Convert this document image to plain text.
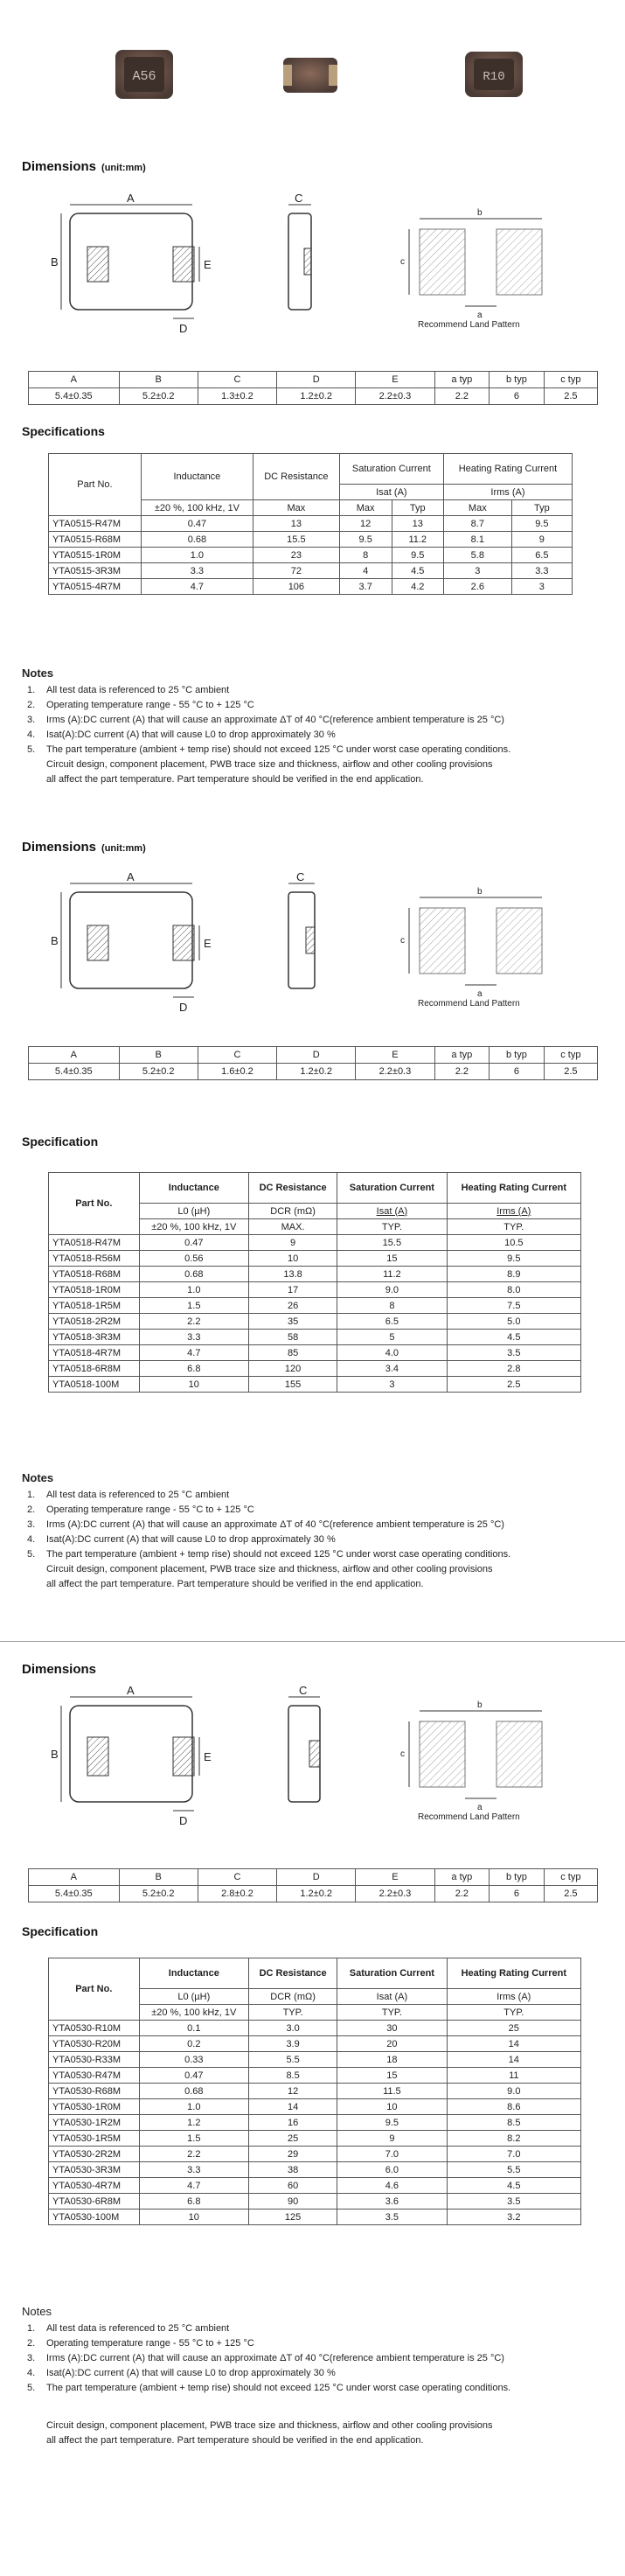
A56	R10
Dimensions (unit:mm)
A
B	E
D
C
b
c
a
Recommend Land Pattern
A	B	C	D	E	a typ	b typ	c typ
5.4±0.35	5.2±0.2	1.3±0.2	1.2±0.2	2.2±0.3	2.2	6	2.5
Specifications
Part No.	Inductance	DC Resistance	Saturation Current		Heating Rating Current	
			Isat (A)		Irms (A)	
	±20 %, 100 kHz, 1V	Max	Max	Typ	Max	Typ
YTA0515-R47M	0.47	13	12	13	8.7	9.5
YTA0515-R68M	0.68	15.5	9.5	11.2	8.1	9
YTA0515-1R0M	1.0	23	8	9.5	5.8	6.5
YTA0515-3R3M	3.3	72	4	4.5	3	3.3
YTA0515-4R7M	4.7	106	3.7	4.2	2.6	3
Notes
1. All test data is referenced to 25 °C ambient
2. Operating temperature range - 55 °C to + 125 °C
3. Irms (A):DC current (A) that will cause an approximate ΔT of 40 °C(reference ambient temperature is 25 °C)
4. Isat(A):DC current (A) that will cause L0 to drop approximately 30 %
5. The part temperature (ambient + temp rise) should not exceed 125 °C under worst case operating conditions.
Circuit design, component placement, PWB trace size and thickness, airflow and other cooling provisions
all affect the part temperature. Part temperature should be verified in the end application.
Dimensions (unit:mm)
A
B	E
D
C
b
c
a
Recommend Land Pattern
A	B	C	D	E	a typ	b typ	c typ
5.4±0.35	5.2±0.2	1.6±0.2	1.2±0.2	2.2±0.3	2.2	6	2.5
Specification
Part No.	Inductance	DC Resistance	Saturation Current	Heating Rating Current
	L0 (µH)	DCR (mΩ)	Isat (A)	Irms (A)
	±20 %, 100 kHz, 1V	MAX.	TYP.	TYP.
YTA0518-R47M	0.47	9	15.5	10.5
YTA0518-R56M	0.56	10	15	9.5
YTA0518-R68M	0.68	13.8	11.2	8.9
YTA0518-1R0M	1.0	17	9.0	8.0
YTA0518-1R5M	1.5	26	8	7.5
YTA0518-2R2M	2.2	35	6.5	5.0
YTA0518-3R3M	3.3	58	5	4.5
YTA0518-4R7M	4.7	85	4.0	3.5
YTA0518-6R8M	6.8	120	3.4	2.8
YTA0518-100M	10	155	3	2.5
Notes
1. All test data is referenced to 25 °C ambient
2. Operating temperature range - 55 °C to + 125 °C
3. Irms (A):DC current (A) that will cause an approximate ΔT of 40 °C(reference ambient temperature is 25 °C)
4. Isat(A):DC current (A) that will cause L0 to drop approximately 30 %
5. The part temperature (ambient + temp rise) should not exceed 125 °C under worst case operating conditions.
Circuit design, component placement, PWB trace size and thickness, airflow and other cooling provisions
all affect the part temperature. Part temperature should be verified in the end application.
Dimensions
A
B	E
D
C
b
c
a
Recommend Land Pattern
A	B	C	D	E	a typ	b typ	c typ
5.4±0.35	5.2±0.2	2.8±0.2	1.2±0.2	2.2±0.3	2.2	6	2.5
Specification
Part No.	Inductance	DC Resistance	Saturation Current	Heating Rating Current
	L0 (µH)	DCR (mΩ)	Isat (A)	Irms (A)
	±20 %, 100 kHz, 1V	TYP.	TYP.	TYP.
YTA0530-R10M	0.1	3.0	30	25
YTA0530-R20M	0.2	3.9	20	14
YTA0530-R33M	0.33	5.5	18	14
YTA0530-R47M	0.47	8.5	15	11
YTA0530-R68M	0.68	12	11.5	9.0
YTA0530-1R0M	1.0	14	10	8.6
YTA0530-1R2M	1.2	16	9.5	8.5
YTA0530-1R5M	1.5	25	9	8.2
YTA0530-2R2M	2.2	29	7.0	7.0
YTA0530-3R3M	3.3	38	6.0	5.5
YTA0530-4R7M	4.7	60	4.6	4.5
YTA0530-6R8M	6.8	90	3.6	3.5
YTA0530-100M	10	125	3.5	3.2
Notes
1. All test data is referenced to 25 °C ambient
2. Operating temperature range - 55 °C to + 125 °C
3. Irms (A):DC current (A) that will cause an approximate ΔT of 40 °C(reference ambient temperature is 25 °C)
4. Isat(A):DC current (A) that will cause L0 to drop approximately 30 %
5. The part temperature (ambient + temp rise) should not exceed 125 °C under worst case operating conditions.
Circuit design, component placement, PWB trace size and thickness, airflow and other cooling provisions
all affect the part temperature. Part temperature should be verified in the end application.
